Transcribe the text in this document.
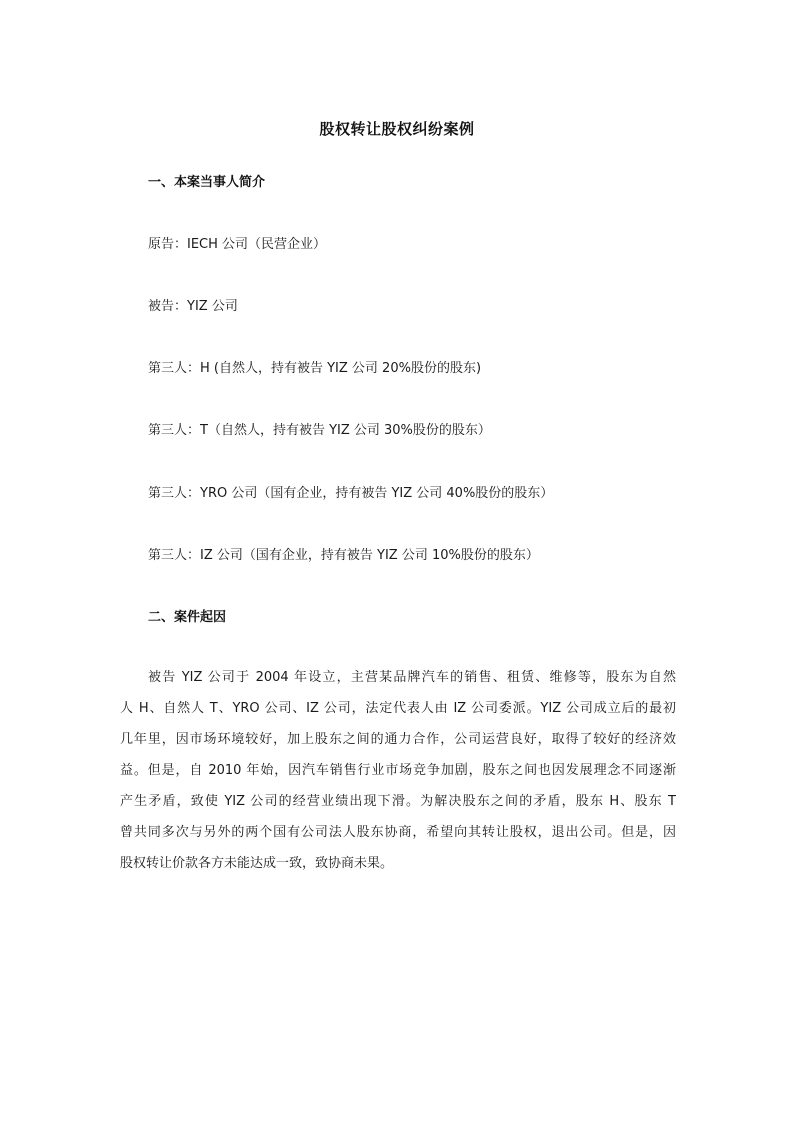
股权转让股权纠纷案例
一、本案当事人简介
原告：IECH 公司（民营企业）
被告：YIZ 公司
第三人：H (自然人，持有被告 YIZ 公司 20%股份的股东)
第三人：T（自然人，持有被告 YIZ 公司 30%股份的股东）
第三人：YRO 公司（国有企业，持有被告 YIZ 公司 40%股份的股东）
第三人：IZ 公司（国有企业，持有被告 YIZ 公司 10%股份的股东）
二、案件起因
被告 YIZ 公司于 2004 年设立，主营某品牌汽车的销售、租赁、维修等，股东为自然
人 H、自然人 T、YRO 公司、IZ 公司，法定代表人由 IZ 公司委派。YIZ 公司成立后的最初
几年里，因市场环境较好，加上股东之间的通力合作，公司运营良好，取得了较好的经济效
益。但是，自 2010 年始，因汽车销售行业市场竞争加剧，股东之间也因发展理念不同逐渐
产生矛盾，致使 YIZ 公司的经营业绩出现下滑。为解决股东之间的矛盾，股东 H、股东 T
曾共同多次与另外的两个国有公司法人股东协商，希望向其转让股权，退出公司。但是，因
股权转让价款各方未能达成一致，致协商未果。
